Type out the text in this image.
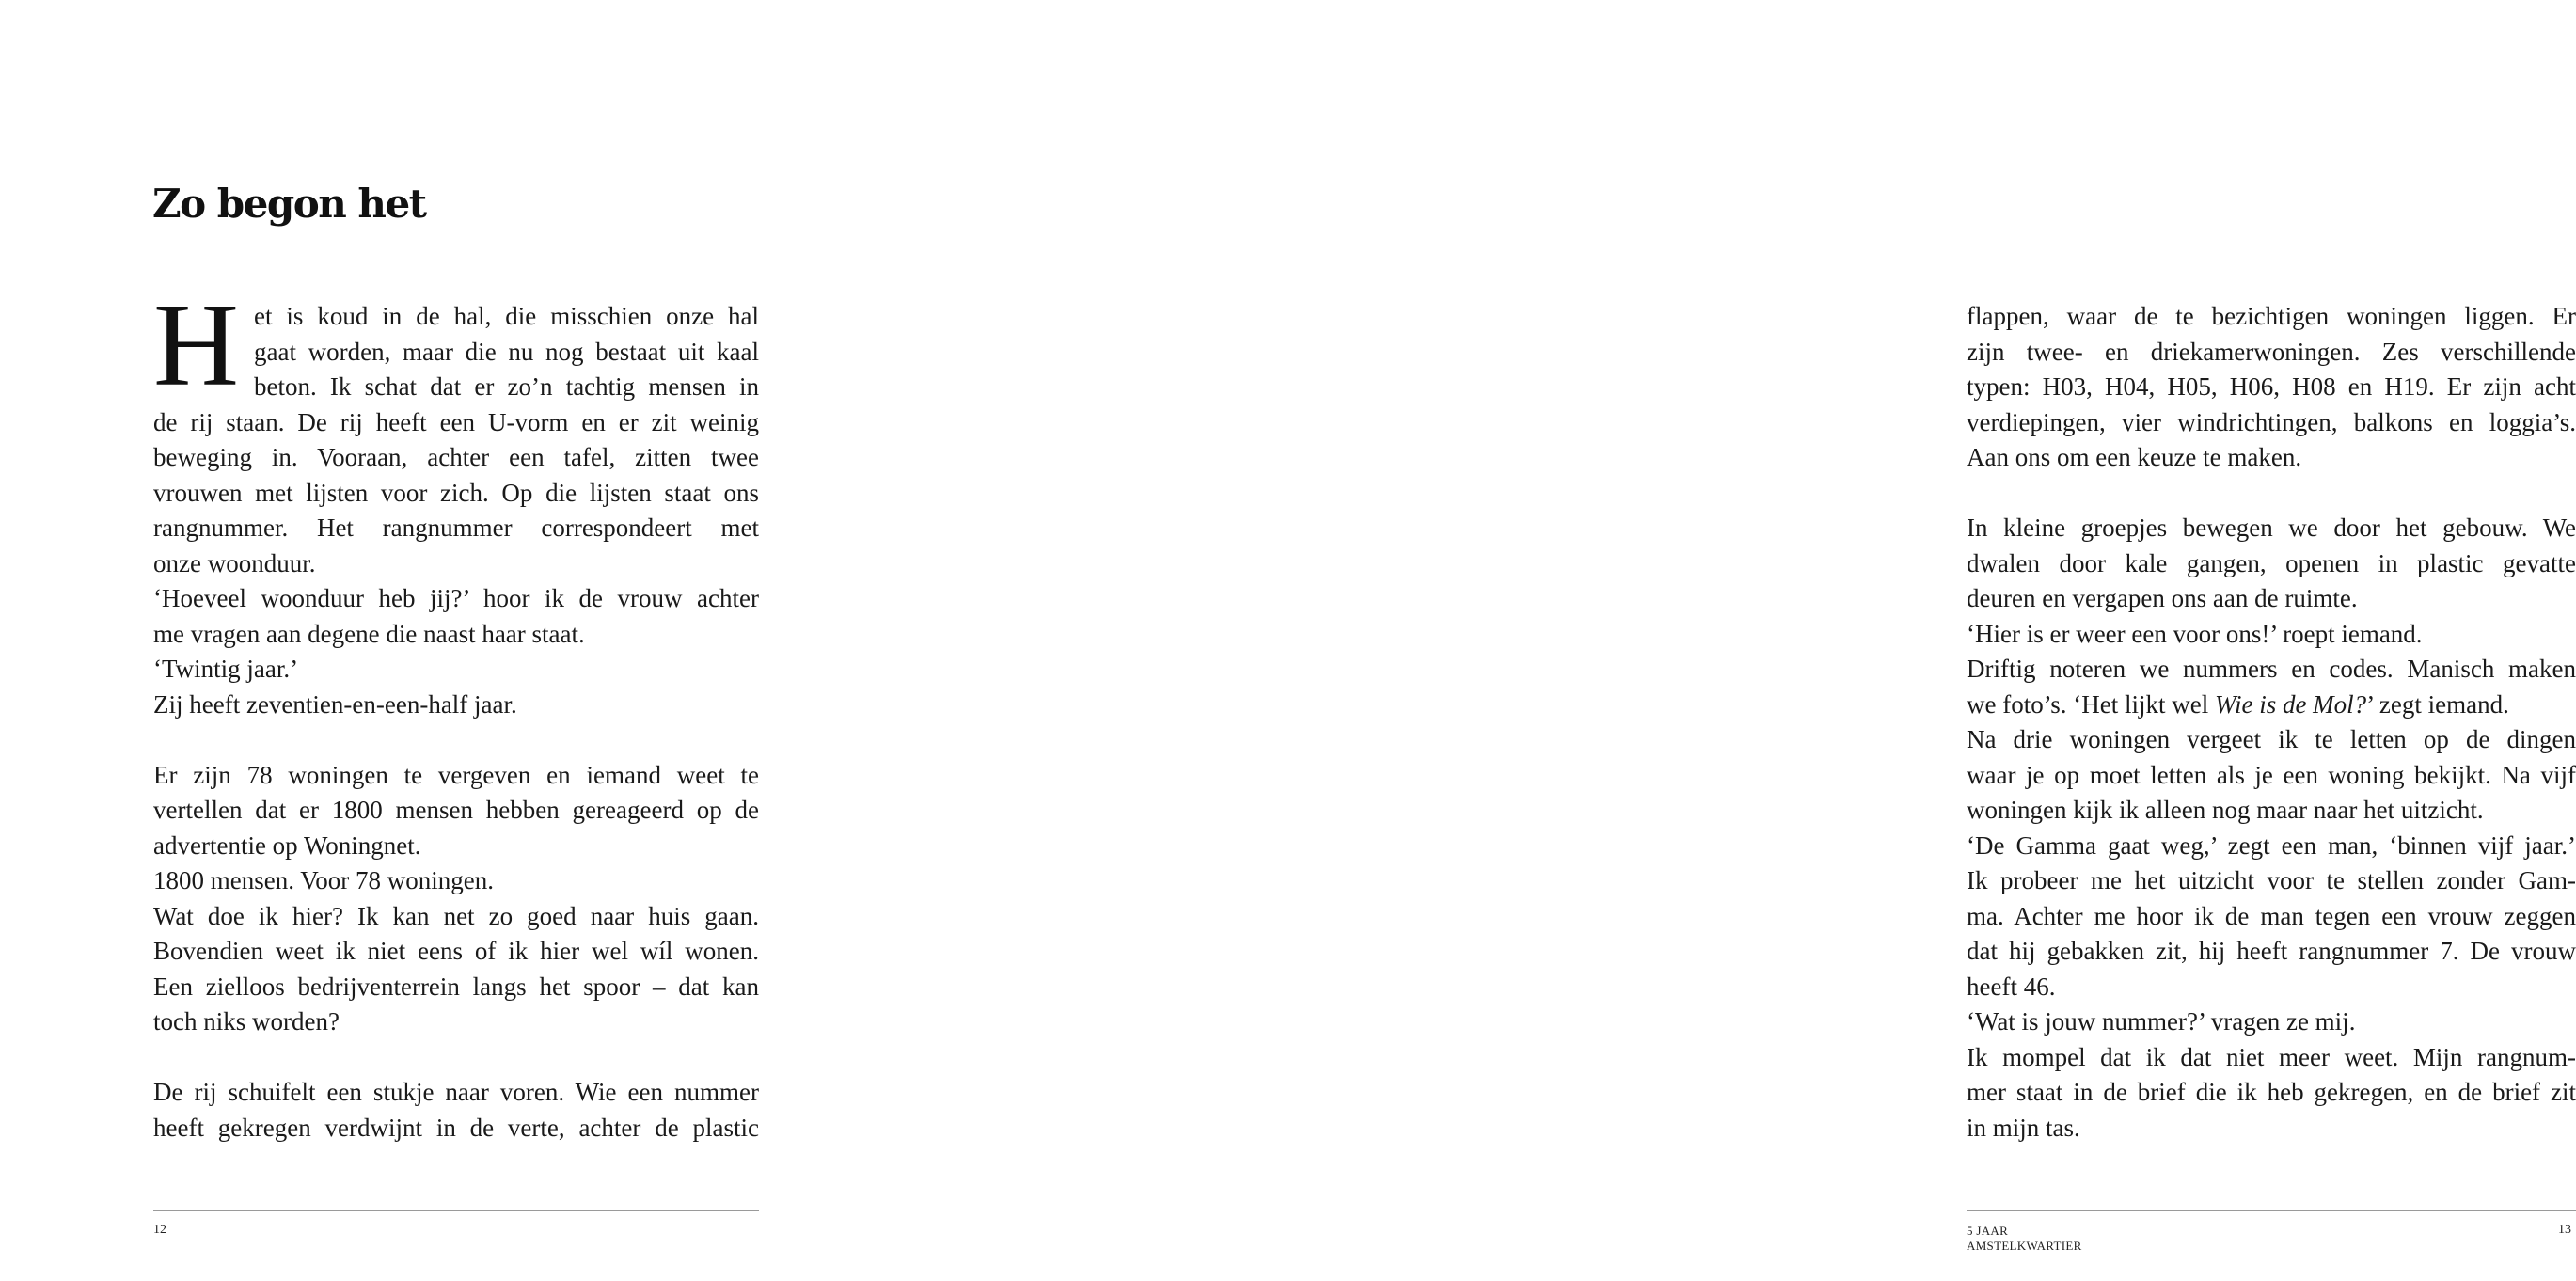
Zo begon het
H et is koud in de hal, die misschien onze hal
gaat worden, maar die nu nog bestaat uit kaal
beton. Ik schat dat er zo’n tachtig mensen in
de rij staan. De rij heeft een U-vorm en er zit weinig
beweging in. Vooraan, achter een tafel, zitten twee
vrouwen met lijsten voor zich. Op die lijsten staat ons
rangnummer. Het rangnummer correspondeert met
onze woonduur.
‘Hoeveel woonduur heb jij?’ hoor ik de vrouw achter
me vragen aan degene die naast haar staat.
‘Twintig jaar.’
Zij heeft zeventien-en-een-half jaar.
Er zijn 78 woningen te vergeven en iemand weet te
vertellen dat er 1800 mensen hebben gereageerd op de
advertentie op Woningnet.
1800 mensen. Voor 78 woningen.
Wat doe ik hier? Ik kan net zo goed naar huis gaan.
Bovendien weet ik niet eens of ik hier wel wíl wonen.
Een zielloos bedrijventerrein langs het spoor – dat kan
toch niks worden?
De rij schuifelt een stukje naar voren. Wie een nummer
heeft gekregen verdwijnt in de verte, achter de plastic
12
flappen, waar de te bezichtigen woningen liggen. Er
zijn twee- en driekamerwoningen. Zes verschillende
typen: H03, H04, H05, H06, H08 en H19. Er zijn acht
verdiepingen, vier windrichtingen, balkons en loggia’s.
Aan ons om een keuze te maken.
In kleine groepjes bewegen we door het gebouw. We
dwalen door kale gangen, openen in plastic gevatte
deuren en vergapen ons aan de ruimte.
‘Hier is er weer een voor ons!’ roept iemand.
Driftig noteren we nummers en codes. Manisch maken
we foto’s. ‘Het lijkt wel Wie is de Mol?’ zegt iemand.
Na drie woningen vergeet ik te letten op de dingen
waar je op moet letten als je een woning bekijkt. Na vijf
woningen kijk ik alleen nog maar naar het uitzicht.
‘De Gamma gaat weg,’ zegt een man, ‘binnen vijf jaar.’
Ik probeer me het uitzicht voor te stellen zonder Gam-
ma. Achter me hoor ik de man tegen een vrouw zeggen
dat hij gebakken zit, hij heeft rangnummer 7. De vrouw
heeft 46.
‘Wat is jouw nummer?’ vragen ze mij.
Ik mompel dat ik dat niet meer weet. Mijn rangnum-
mer staat in de brief die ik heb gekregen, en de brief zit
in mijn tas.
5 JAAR AMSTELKWARTIER
13
